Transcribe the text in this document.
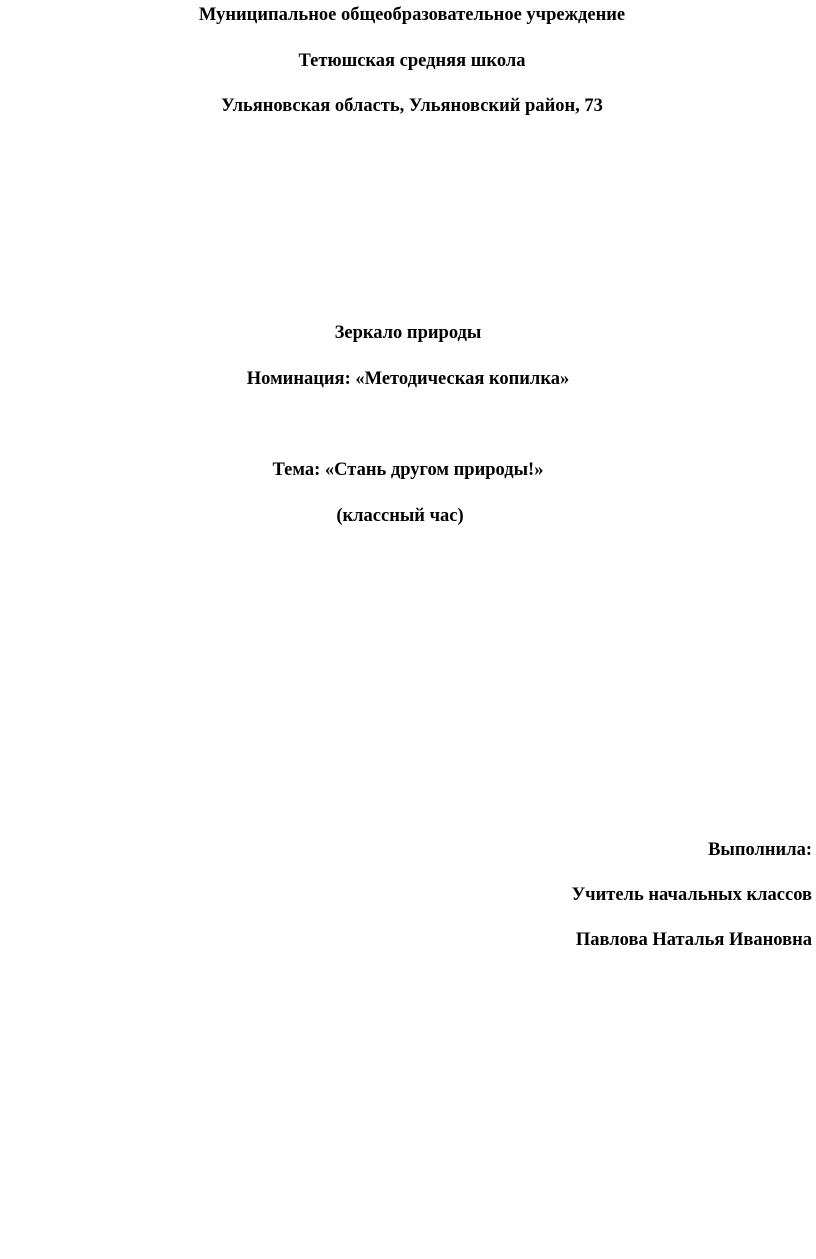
Муниципальное общеобразовательное учреждение

Тетюшская средняя школа

Ульяновская область, Ульяновский район, 73

Зеркало природы

Номинация: «Методическая копилка»

Тема: «Стань другом природы!»

(классный час)

Выполнила:

Учитель начальных классов

Павлова Наталья Ивановна
